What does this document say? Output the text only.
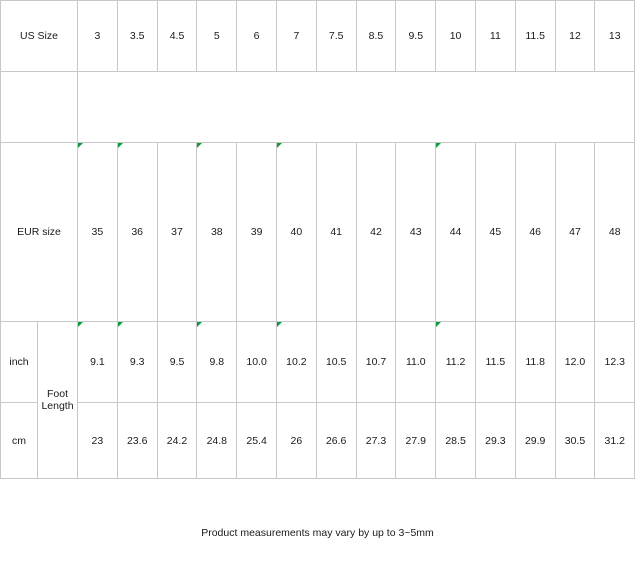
US Size		3	3.5	4.5	5	6	7	7.5	8.5	9.5	10	11	11.5	12	13

EUR size		35	36	37	38	39	40	41	42	43	44	45	46	47	48
inch	Foot Length	9.1	9.3	9.5	9.8	10.0	10.2	10.5	10.7	11.0	11.2	11.5	11.8	12.0	12.3
cm		23	23.6	24.2	24.8	25.4	26	26.6	27.3	27.9	28.5	29.3	29.9	30.5	31.2
Product measurements may vary by up to 3~5mm
